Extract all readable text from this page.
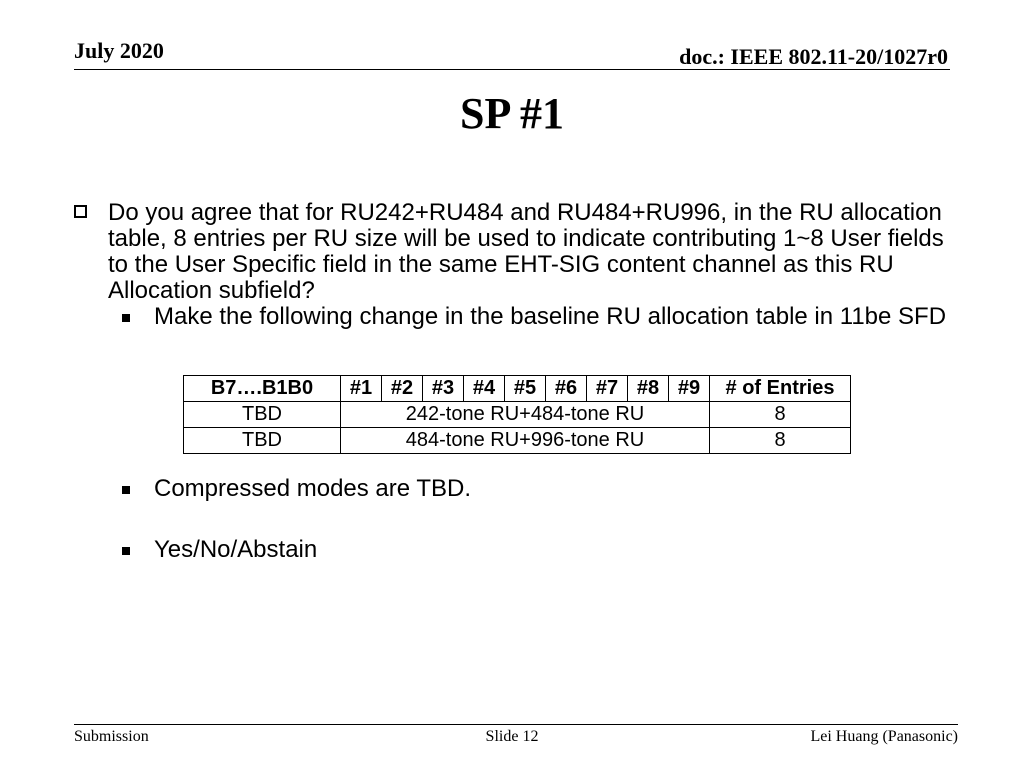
July 2020	doc.: IEEE 802.11-20/1027r0
SP #1
Do you agree that for RU242+RU484 and RU484+RU996, in the RU allocation table, 8 entries per RU size will be used to indicate contributing 1~8 User fields to the User Specific field in the same EHT-SIG content channel as this RU Allocation subfield?
Make the following change in the baseline RU allocation table in 11be SFD
B7….B1B0	#1	#2	#3	#4	#5	#6	#7	#8	#9	# of Entries
TBD	242-tone RU+484-tone RU									8
TBD	484-tone RU+996-tone RU									8
Compressed modes are TBD.
Yes/No/Abstain
Submission	Slide 12	Lei Huang (Panasonic)
